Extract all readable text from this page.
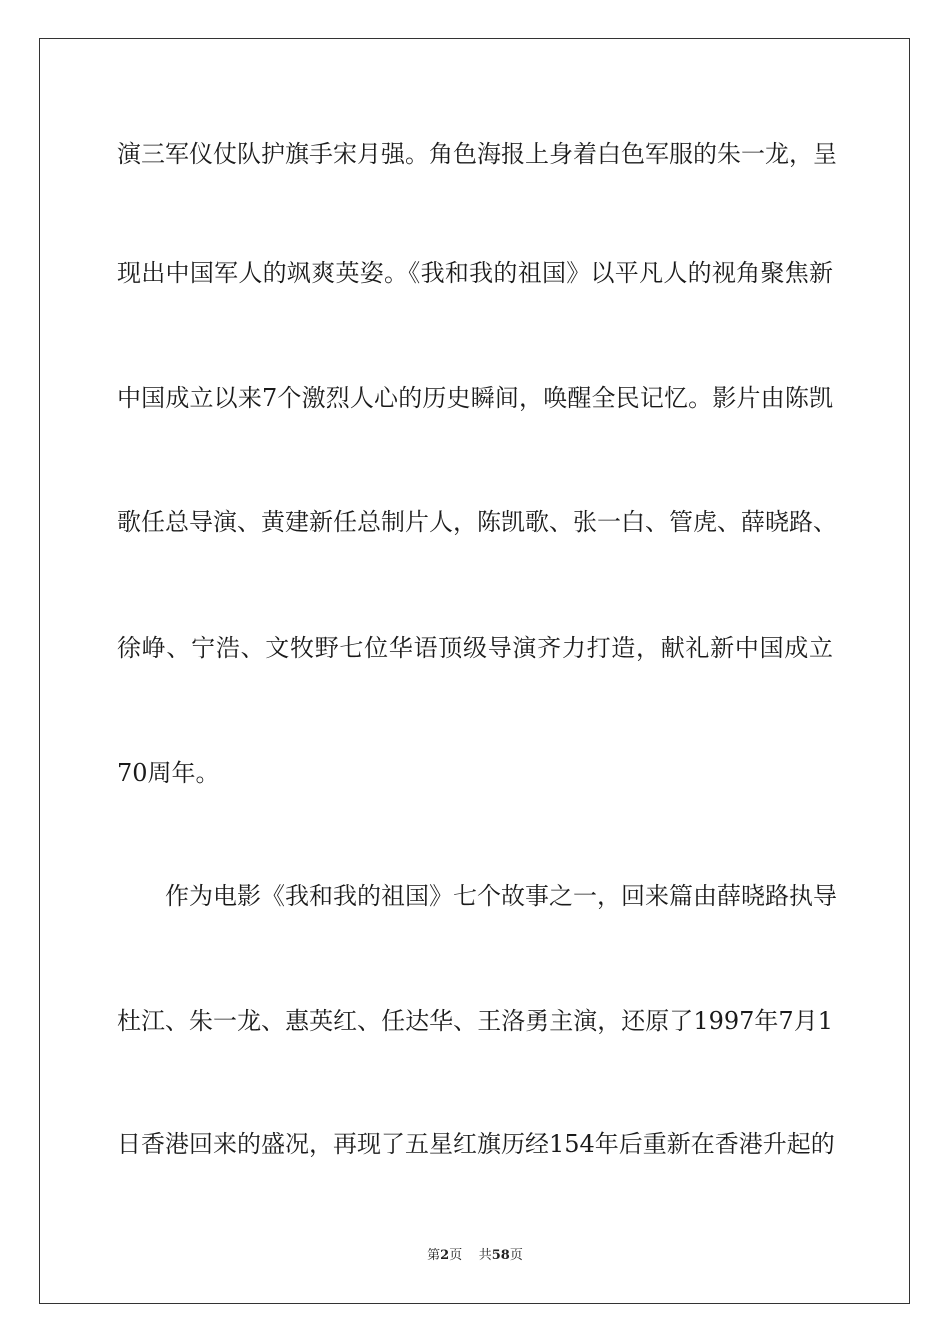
演三军仪仗队护旗手宋月强。角色海报上身着白色军服的朱一龙，呈
现出中国军人的飒爽英姿。《我和我的祖国》以平凡人的视角聚焦新
中国成立以来7个激烈人心的历史瞬间，唤醒全民记忆。影片由陈凯
歌任总导演、黄建新任总制片人，陈凯歌、张一白、管虎、薛晓路、
徐峥、宁浩、文牧野七位华语顶级导演齐力打造，献礼新中国成立
70周年。
作为电影《我和我的祖国》七个故事之一，回来篇由薛晓路执导
杜江、朱一龙、惠英红、任达华、王洛勇主演，还原了1997年7月1
日香港回来的盛况，再现了五星红旗历经154年后重新在香港升起的
第2页 共58页
